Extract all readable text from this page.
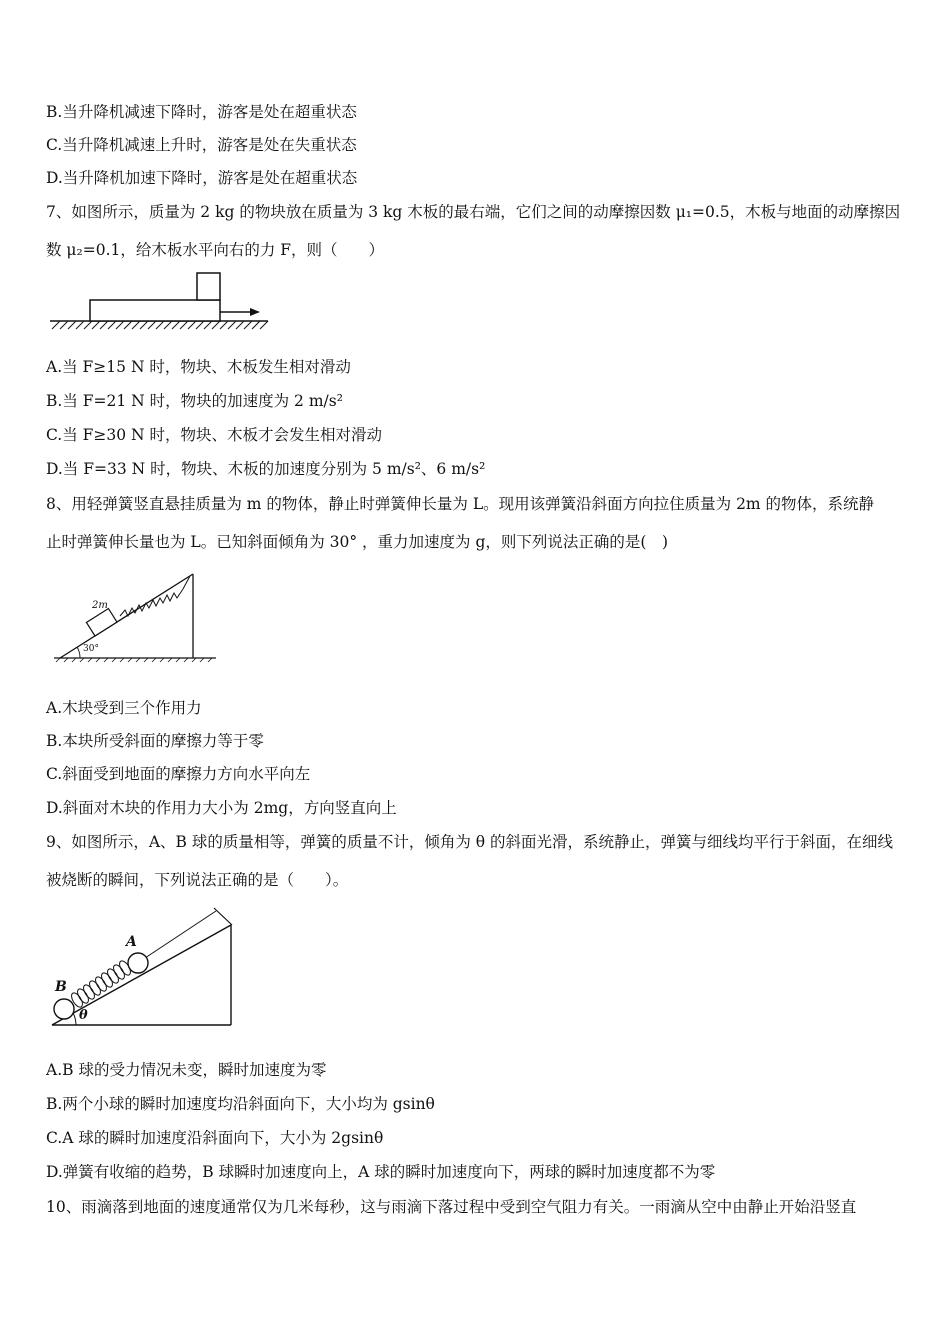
B.当升降机减速下降时，游客是处在超重状态
C.当升降机减速上升时，游客是处在失重状态
D.当升降机加速下降时，游客是处在超重状态
7、如图所示，质量为 2 kg 的物块放在质量为 3 kg 木板的最右端，它们之间的动摩擦因数 μ₁=0.5，木板与地面的动摩擦因
数 μ₂=0.1，给木板水平向右的力 F，则（　　）
A.当 F≥15 N 时，物块、木板发生相对滑动
B.当 F=21 N 时，物块的加速度为 2 m/s²
C.当 F≥30 N 时，物块、木板才会发生相对滑动
D.当 F=33 N 时，物块、木板的加速度分别为 5 m/s²、6 m/s²
8、用轻弹簧竖直悬挂质量为 m 的物体，静止时弹簧伸长量为 L。现用该弹簧沿斜面方向拉住质量为 2m 的物体，系统静
止时弹簧伸长量也为 L。已知斜面倾角为 30° ，重力加速度为 g，则下列说法正确的是(　)
2m
30°
A.木块受到三个作用力
B.本块所受斜面的摩擦力等于零
C.斜面受到地面的摩擦力方向水平向左
D.斜面对木块的作用力大小为 2mg，方向竖直向上
9、如图所示，A、B 球的质量相等，弹簧的质量不计，倾角为 θ 的斜面光滑，系统静止，弹簧与细线均平行于斜面，在细线
被烧断的瞬间，下列说法正确的是（　　）。
A
B
θ
A.B 球的受力情况未变，瞬时加速度为零
B.两个小球的瞬时加速度均沿斜面向下，大小均为 gsinθ
C.A 球的瞬时加速度沿斜面向下，大小为 2gsinθ
D.弹簧有收缩的趋势，B 球瞬时加速度向上，A 球的瞬时加速度向下，两球的瞬时加速度都不为零
10、雨滴落到地面的速度通常仅为几米每秒，这与雨滴下落过程中受到空气阻力有关。一雨滴从空中由静止开始沿竖直
